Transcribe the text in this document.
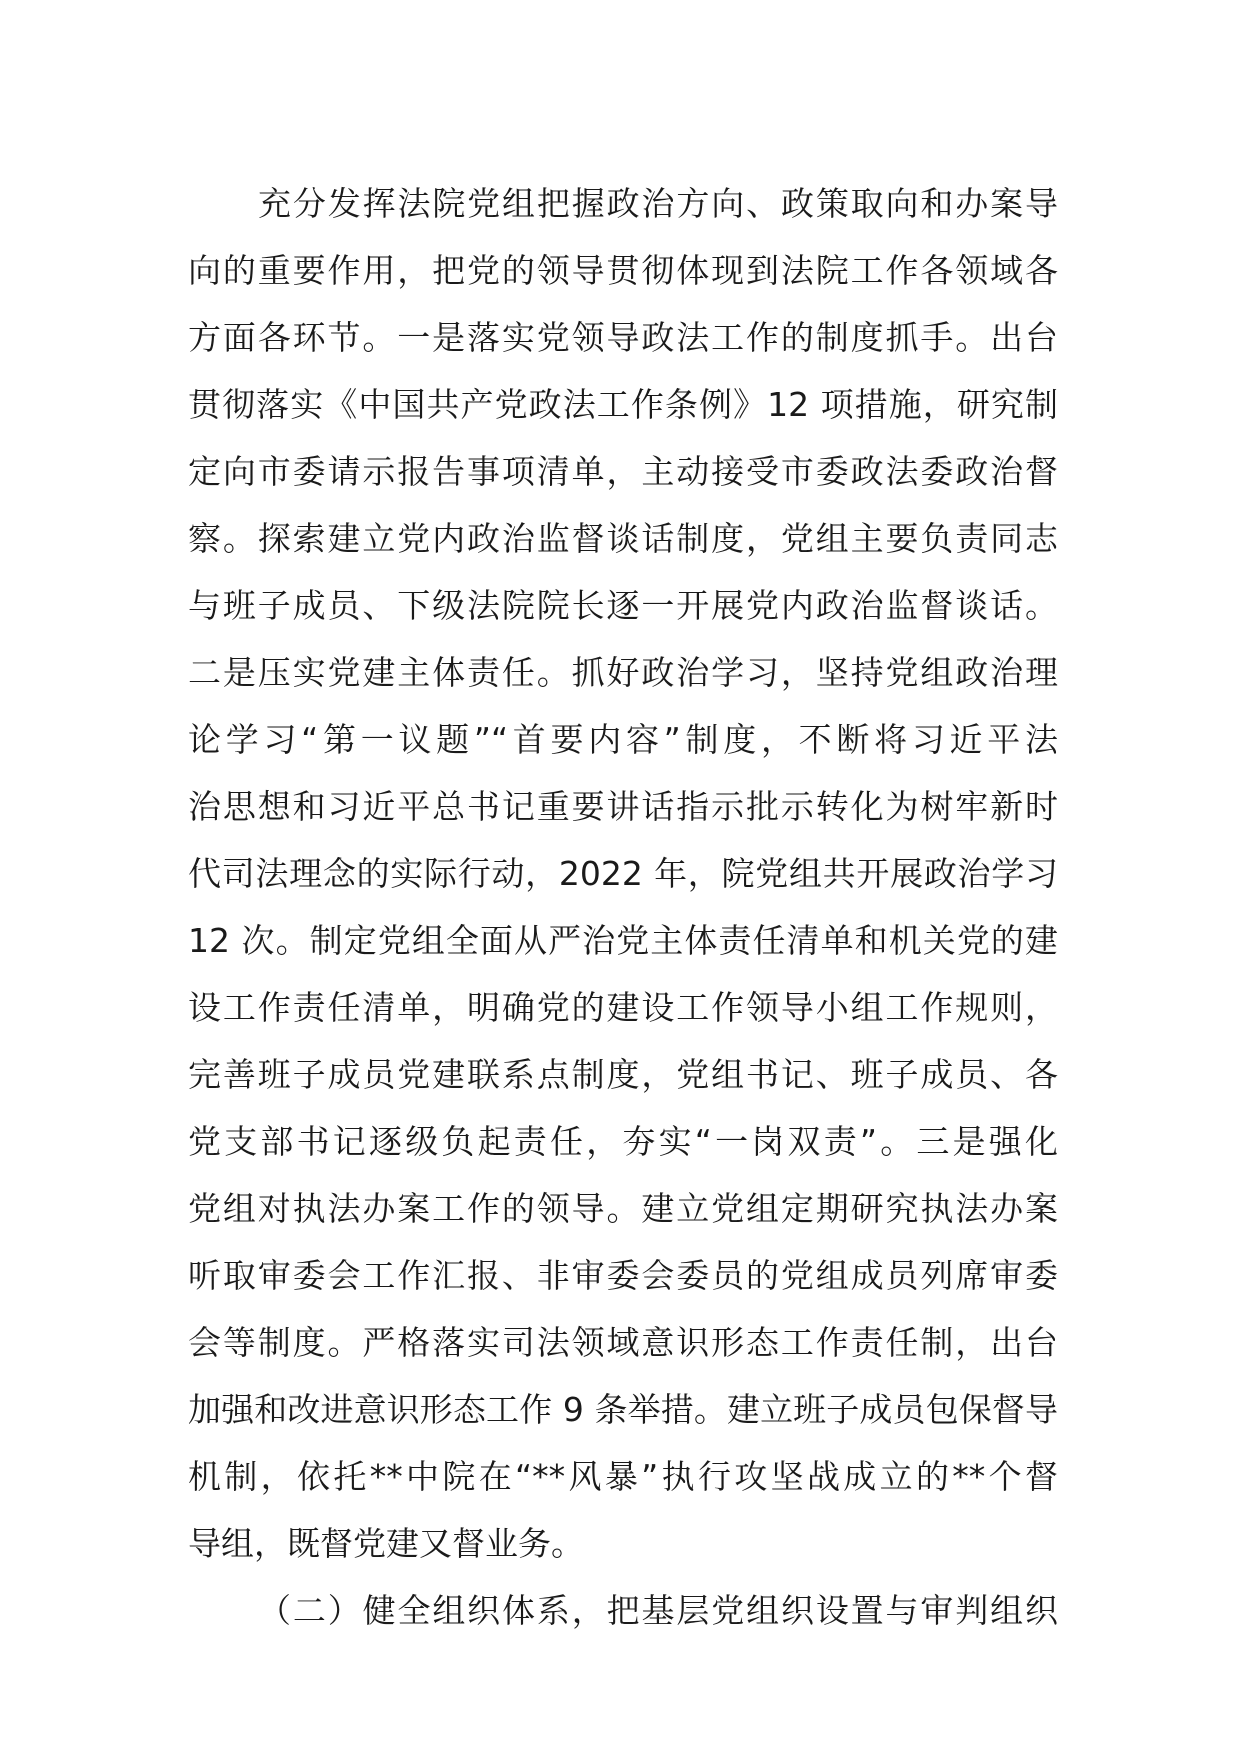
充分发挥法院党组把握政治方向、政策取向和办案导
向的重要作用，把党的领导贯彻体现到法院工作各领域各
方面各环节。一是落实党领导政法工作的制度抓手。出台
贯彻落实《中国共产党政法工作条例》12 项措施，研究制
定向市委请示报告事项清单，主动接受市委政法委政治督
察。探索建立党内政治监督谈话制度，党组主要负责同志
与班子成员、下级法院院长逐一开展党内政治监督谈话。
二是压实党建主体责任。抓好政治学习，坚持党组政治理
论学习“第一议题”“首要内容”制度，不断将习近平法
治思想和习近平总书记重要讲话指示批示转化为树牢新时
代司法理念的实际行动，2022 年，院党组共开展政治学习
12 次。制定党组全面从严治党主体责任清单和机关党的建
设工作责任清单，明确党的建设工作领导小组工作规则，
完善班子成员党建联系点制度，党组书记、班子成员、各
党支部书记逐级负起责任，夯实“一岗双责”。三是强化
党组对执法办案工作的领导。建立党组定期研究执法办案
听取审委会工作汇报、非审委会委员的党组成员列席审委
会等制度。严格落实司法领域意识形态工作责任制，出台
加强和改进意识形态工作 9 条举措。建立班子成员包保督导
机制，依托**中院在“**风暴”执行攻坚战成立的**个督
导组，既督党建又督业务。
（二）健全组织体系，把基层党组织设置与审判组织
